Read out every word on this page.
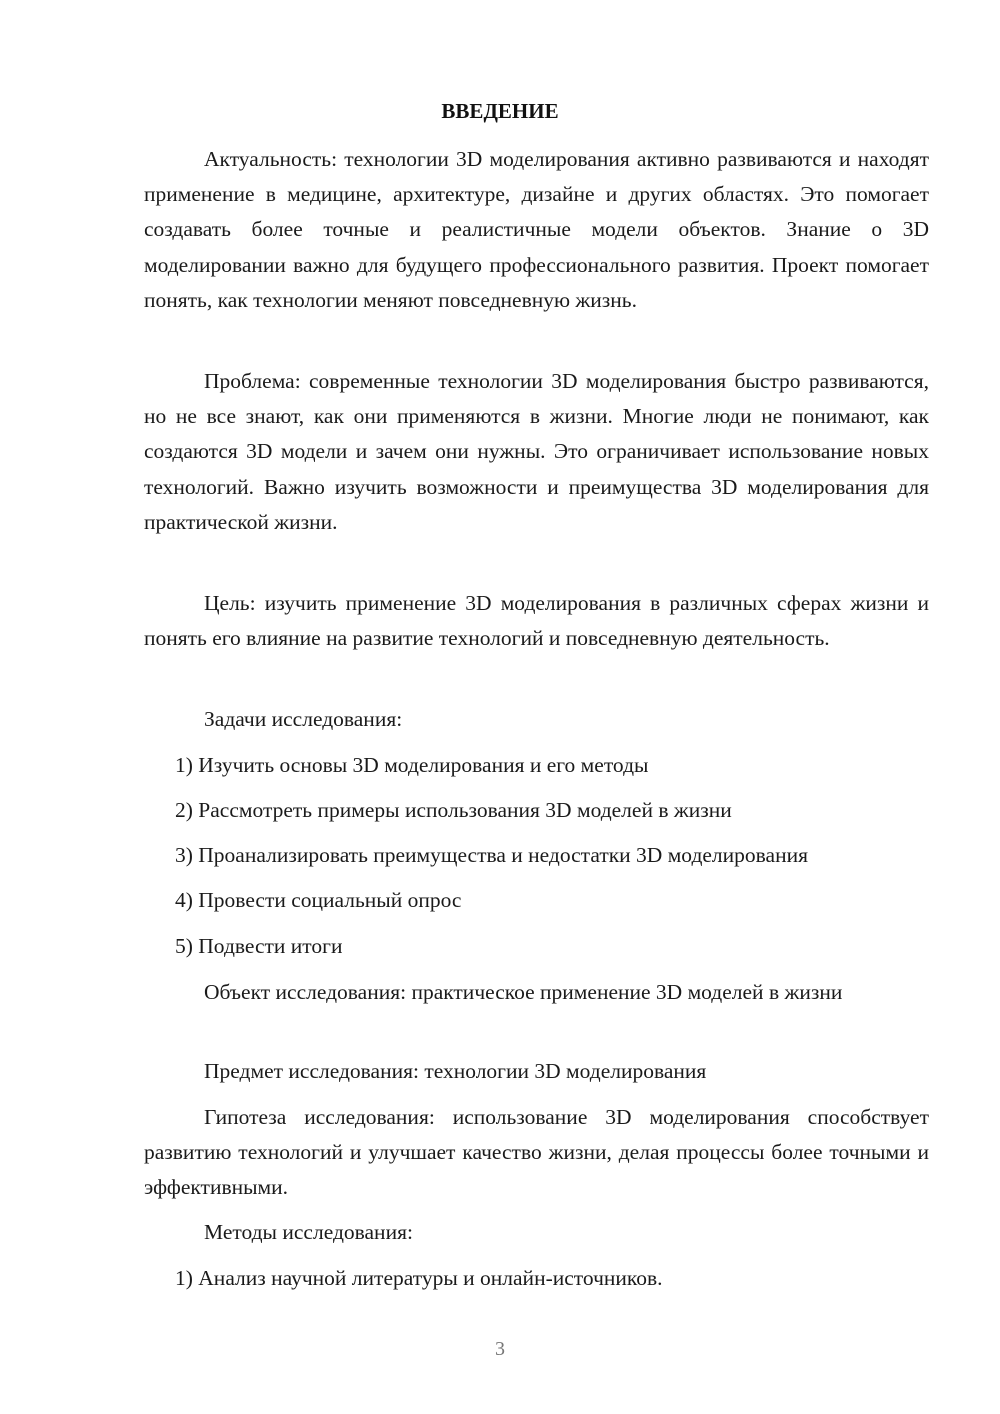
ВВЕДЕНИЕ

Актуальность: технологии 3D моделирования активно развиваются и находят применение в медицине, архитектуре, дизайне и других областях. Это помогает создавать более точные и реалистичные модели объектов. Знание о 3D моделировании важно для будущего профессионального развития. Проект помогает понять, как технологии меняют повседневную жизнь.

Проблема: современные технологии 3D моделирования быстро развиваются, но не все знают, как они применяются в жизни. Многие люди не понимают, как создаются 3D модели и зачем они нужны. Это ограничивает использование новых технологий. Важно изучить возможности и преимущества 3D моделирования для практической жизни.

Цель: изучить применение 3D моделирования в различных сферах жизни и понять его влияние на развитие технологий и повседневную деятельность.

Задачи исследования:

1) Изучить основы 3D моделирования и его методы

2) Рассмотреть примеры использования 3D моделей в жизни

3) Проанализировать преимущества и недостатки 3D моделирования

4) Провести социальный опрос

5) Подвести итоги

Объект исследования: практическое применение 3D моделей в жизни

Предмет исследования: технологии 3D моделирования

Гипотеза исследования: использование 3D моделирования способствует развитию технологий и улучшает качество жизни, делая процессы более точными и эффективными.

Методы исследования:

1) Анализ научной литературы и онлайн-источников.

3
